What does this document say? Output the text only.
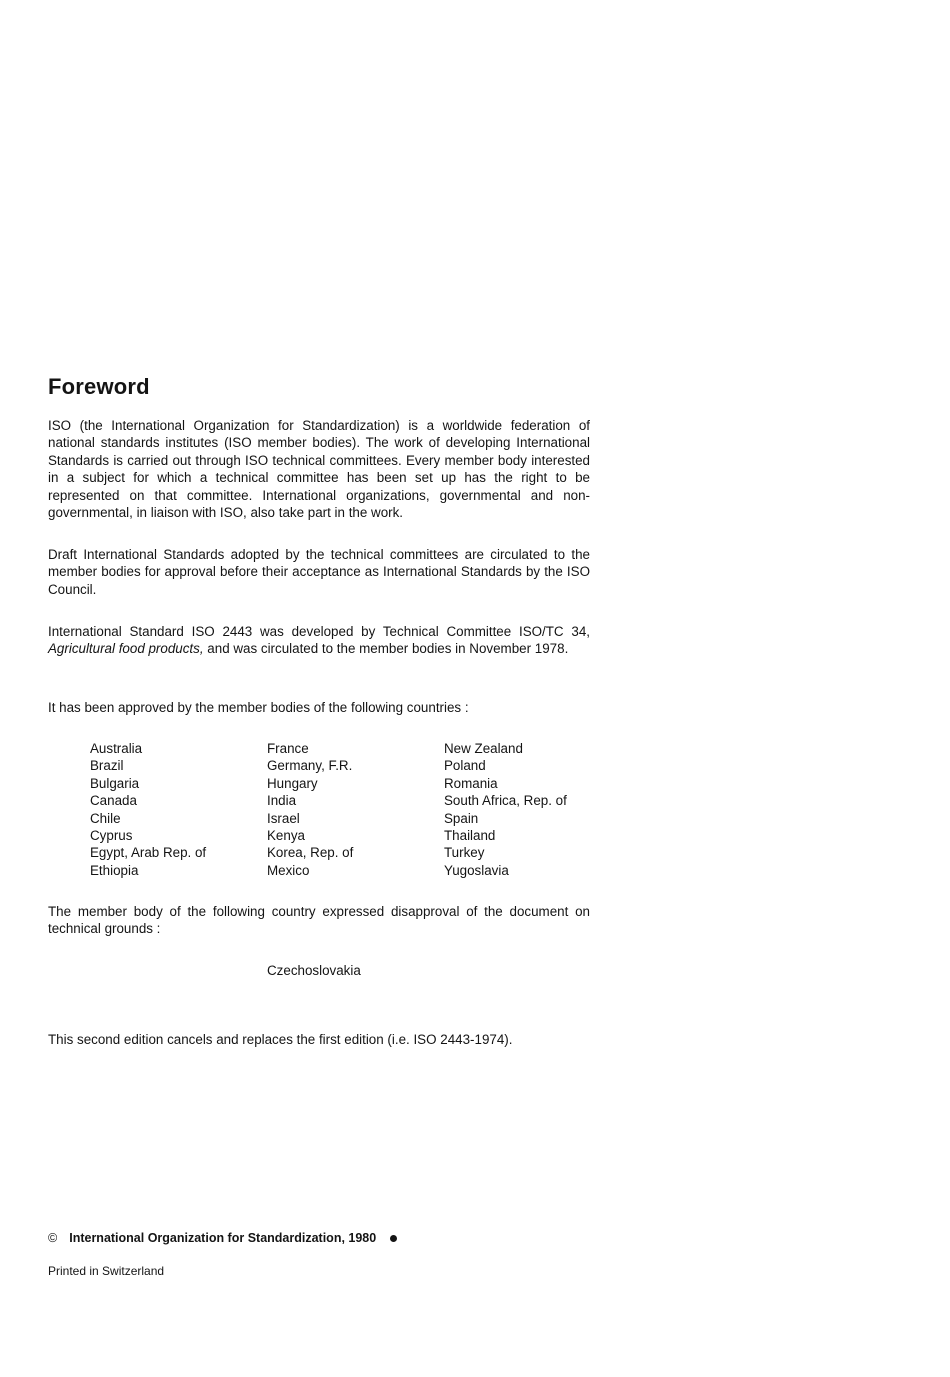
Foreword

ISO (the International Organization for Standardization) is a worldwide federation of national standards institutes (ISO member bodies). The work of developing International Standards is carried out through ISO technical committees. Every member body interested in a subject for which a technical committee has been set up has the right to be represented on that committee. International organizations, governmental and non-governmental, in liaison with ISO, also take part in the work.

Draft International Standards adopted by the technical committees are circulated to the member bodies for approval before their acceptance as International Standards by the ISO Council.

International Standard ISO 2443 was developed by Technical Committee ISO/TC 34, Agricultural food products, and was circulated to the member bodies in November 1978.

It has been approved by the member bodies of the following countries :

Australia
Brazil
Bulgaria
Canada
Chile
Cyprus
Egypt, Arab Rep. of
Ethiopia
France
Germany, F.R.
Hungary
India
Israel
Kenya
Korea, Rep. of
Mexico
New Zealand
Poland
Romania
South Africa, Rep. of
Spain
Thailand
Turkey
Yugoslavia

The member body of the following country expressed disapproval of the document on technical grounds :

Czechoslovakia

This second edition cancels and replaces the first edition (i.e. ISO 2443-1974).

© International Organization for Standardization, 1980
Printed in Switzerland
